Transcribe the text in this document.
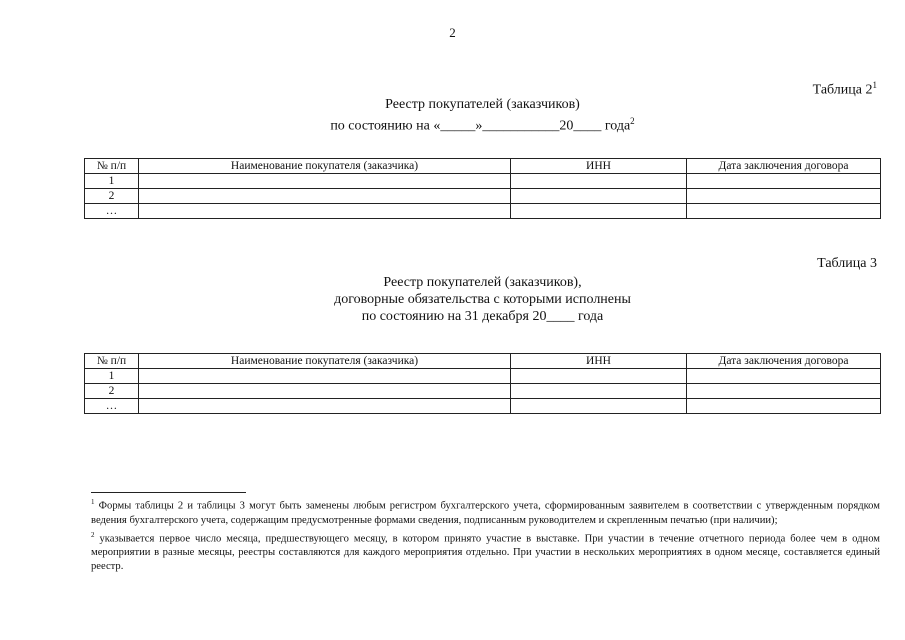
2
Таблица $2^1$
Реестр покупателей (заказчиков)
по состоянию на «_____»___________20____ года$^2$
№ п/п	Наименование покупателя (заказчика)	ИНН	Дата заключения договора
1			
2			
…			
Таблица 3
Реестр покупателей (заказчиков),
договорные обязательства с которыми исполнены
по состоянию на 31 декабря 20____ года
№ п/п	Наименование покупателя (заказчика)	ИНН	Дата заключения договора
1			
2			
…			

$^1$ Формы таблицы 2 и таблицы 3 могут быть заменены любым регистром бухгалтерского учета, сформированным заявителем в соответствии с утвержденным порядком ведения бухгалтерского учета, содержащим предусмотренные формами сведения, подписанным руководителем и скрепленным печатью (при наличии);

$^2$ указывается первое число месяца, предшествующего месяцу, в котором принято участие в выставке. При участии в течение отчетного периода более чем в одном мероприятии в разные месяцы, реестры составляются для каждого мероприятия отдельно. При участии в нескольких мероприятиях в одном месяце, составляется единый реестр.
